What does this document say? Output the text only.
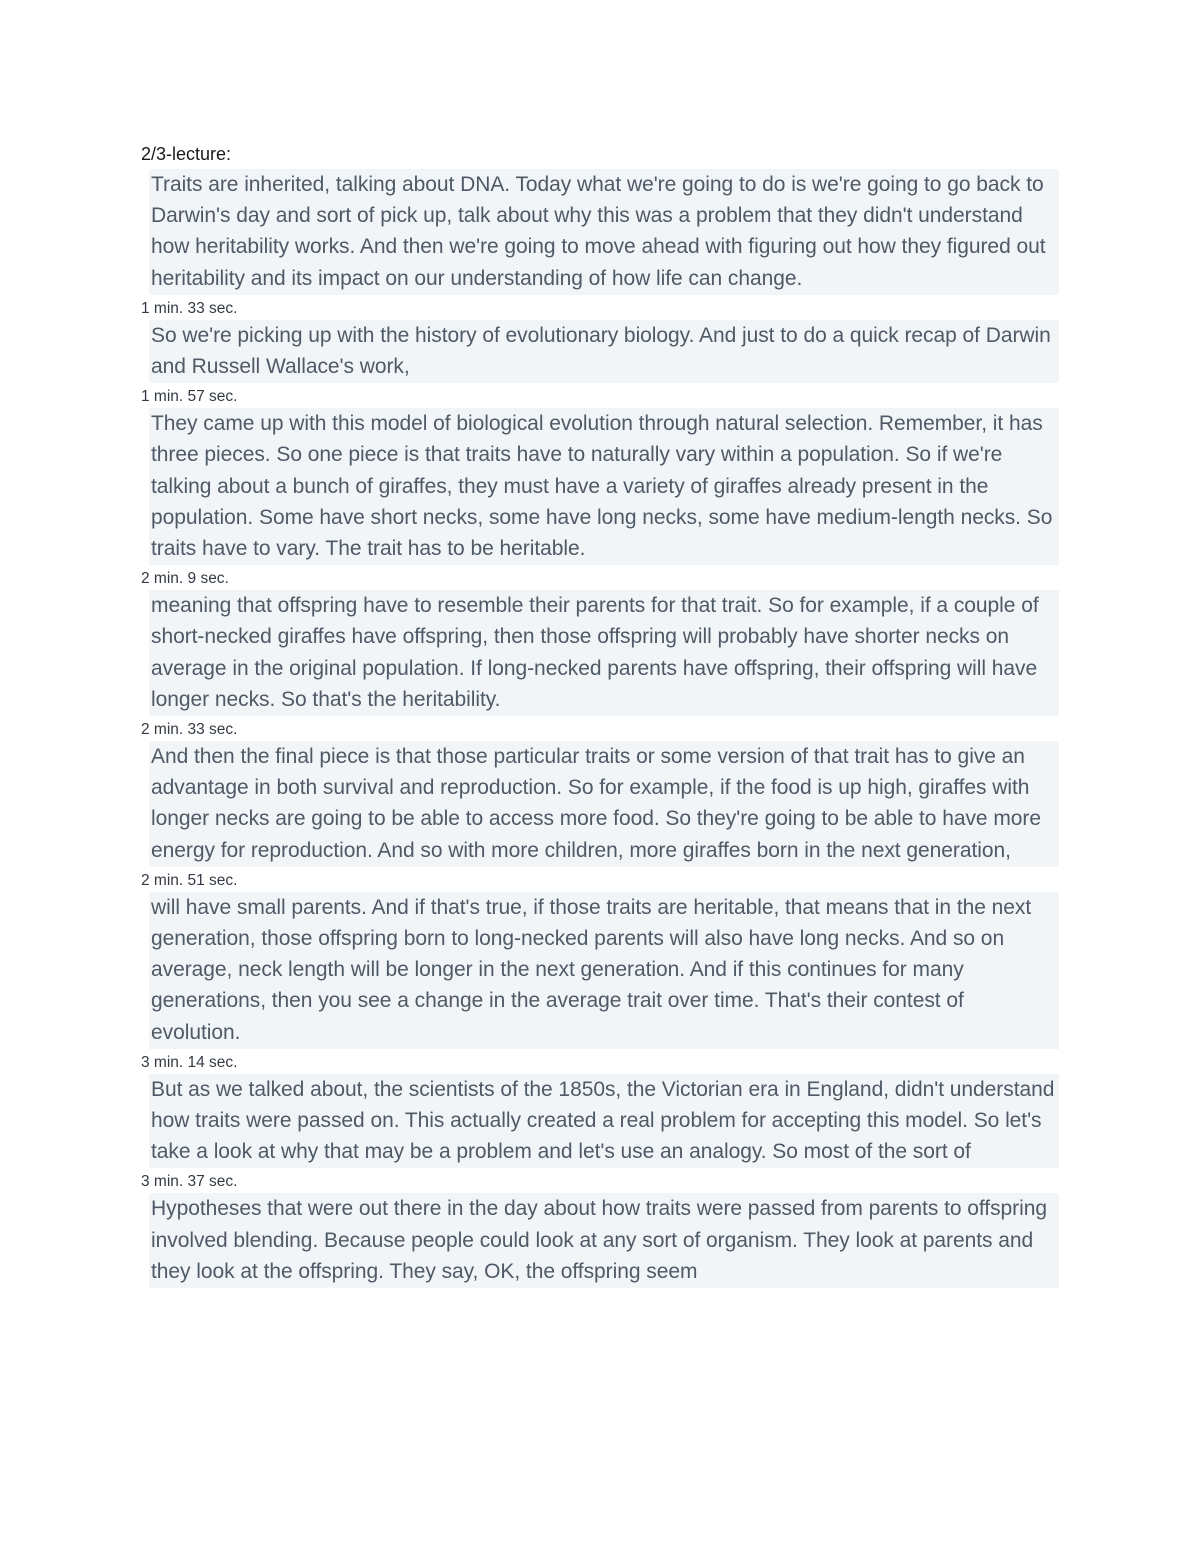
2/3-lecture:
Traits are inherited, talking about DNA. Today what we're going to do is we're going to go back to Darwin's day and sort of pick up, talk about why this was a problem that they didn't understand how heritability works. And then we're going to move ahead with figuring out how they figured out heritability and its impact on our understanding of how life can change.
1 min. 33 sec.
So we're picking up with the history of evolutionary biology. And just to do a quick recap of Darwin and Russell Wallace's work,
1 min. 57 sec.
They came up with this model of biological evolution through natural selection. Remember, it has three pieces. So one piece is that traits have to naturally vary within a population. So if we're talking about a bunch of giraffes, they must have a variety of giraffes already present in the population. Some have short necks, some have long necks, some have medium-length necks. So traits have to vary. The trait has to be heritable.
2 min. 9 sec.
meaning that offspring have to resemble their parents for that trait. So for example, if a couple of short-necked giraffes have offspring, then those offspring will probably have shorter necks on average in the original population. If long-necked parents have offspring, their offspring will have longer necks. So that's the heritability.
2 min. 33 sec.
And then the final piece is that those particular traits or some version of that trait has to give an advantage in both survival and reproduction. So for example, if the food is up high, giraffes with longer necks are going to be able to access more food. So they're going to be able to have more energy for reproduction. And so with more children, more giraffes born in the next generation,
2 min. 51 sec.
will have small parents. And if that's true, if those traits are heritable, that means that in the next generation, those offspring born to long-necked parents will also have long necks. And so on average, neck length will be longer in the next generation. And if this continues for many generations, then you see a change in the average trait over time. That's their contest of evolution.
3 min. 14 sec.
But as we talked about, the scientists of the 1850s, the Victorian era in England, didn't understand how traits were passed on. This actually created a real problem for accepting this model. So let's take a look at why that may be a problem and let's use an analogy. So most of the sort of
3 min. 37 sec.
Hypotheses that were out there in the day about how traits were passed from parents to offspring involved blending. Because people could look at any sort of organism. They look at parents and they look at the offspring. They say, OK, the offspring seem
